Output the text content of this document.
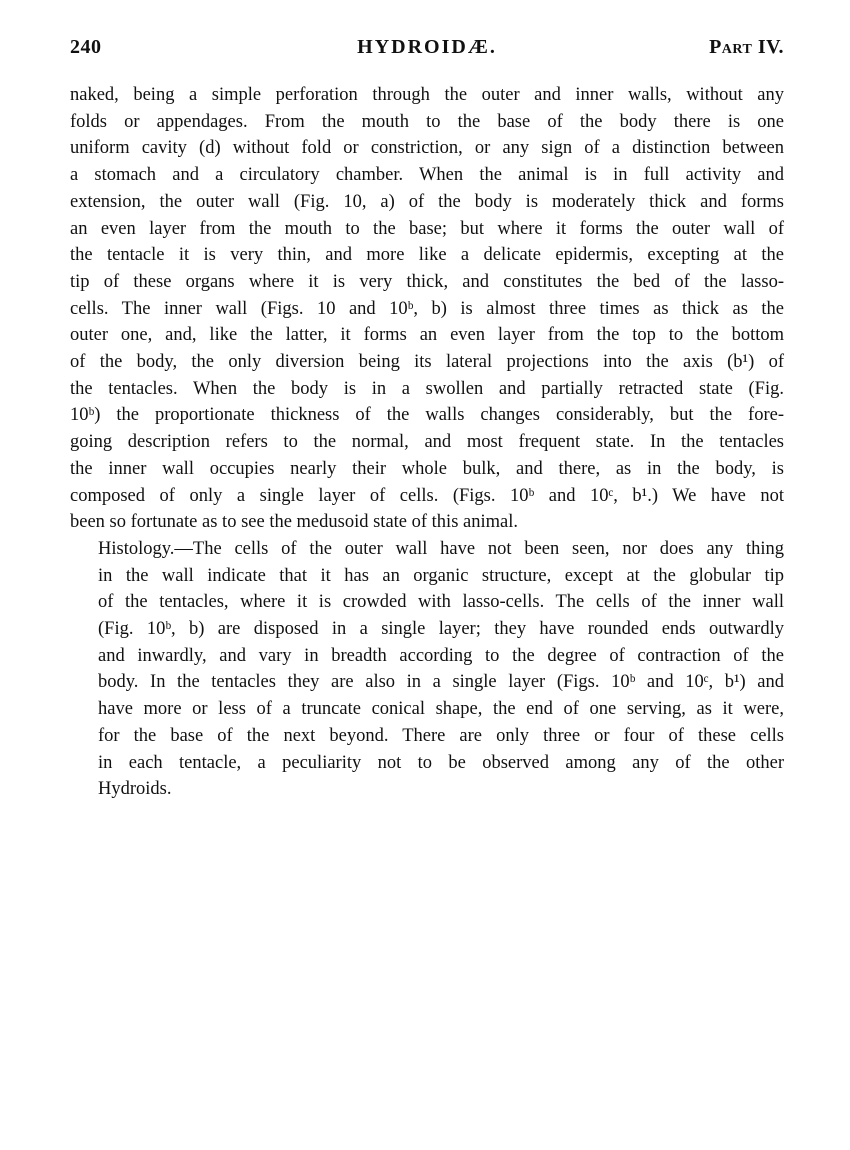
240	HYDROIDÆ.	Part IV.

naked, being a simple perforation through the outer and inner walls, without any
folds or appendages. From the mouth to the base of the body there is one
uniform cavity (d) without fold or constriction, or any sign of a distinction between
a stomach and a circulatory chamber. When the animal is in full activity and
extension, the outer wall (Fig. 10, a) of the body is moderately thick and forms
an even layer from the mouth to the base; but where it forms the outer wall of
the tentacle it is very thin, and more like a delicate epidermis, excepting at the
tip of these organs where it is very thick, and constitutes the bed of the lasso-
cells. The inner wall (Figs. 10 and 10ᵇ, b) is almost three times as thick as the
outer one, and, like the latter, it forms an even layer from the top to the bottom
of the body, the only diversion being its lateral projections into the axis (b¹) of
the tentacles. When the body is in a swollen and partially retracted state (Fig.
10ᵇ) the proportionate thickness of the walls changes considerably, but the fore-
going description refers to the normal, and most frequent state. In the tentacles
the inner wall occupies nearly their whole bulk, and there, as in the body, is
composed of only a single layer of cells. (Figs. 10ᵇ and 10ᶜ, b¹.) We have not
been so fortunate as to see the medusoid state of this animal.

Histology.—The cells of the outer wall have not been seen, nor does any thing
in the wall indicate that it has an organic structure, except at the globular tip
of the tentacles, where it is crowded with lasso-cells. The cells of the inner wall
(Fig. 10ᵇ, b) are disposed in a single layer; they have rounded ends outwardly
and inwardly, and vary in breadth according to the degree of contraction of the
body. In the tentacles they are also in a single layer (Figs. 10ᵇ and 10ᶜ, b¹) and
have more or less of a truncate conical shape, the end of one serving, as it were,
for the base of the next beyond. There are only three or four of these cells
in each tentacle, a peculiarity not to be observed among any of the other
Hydroids.
